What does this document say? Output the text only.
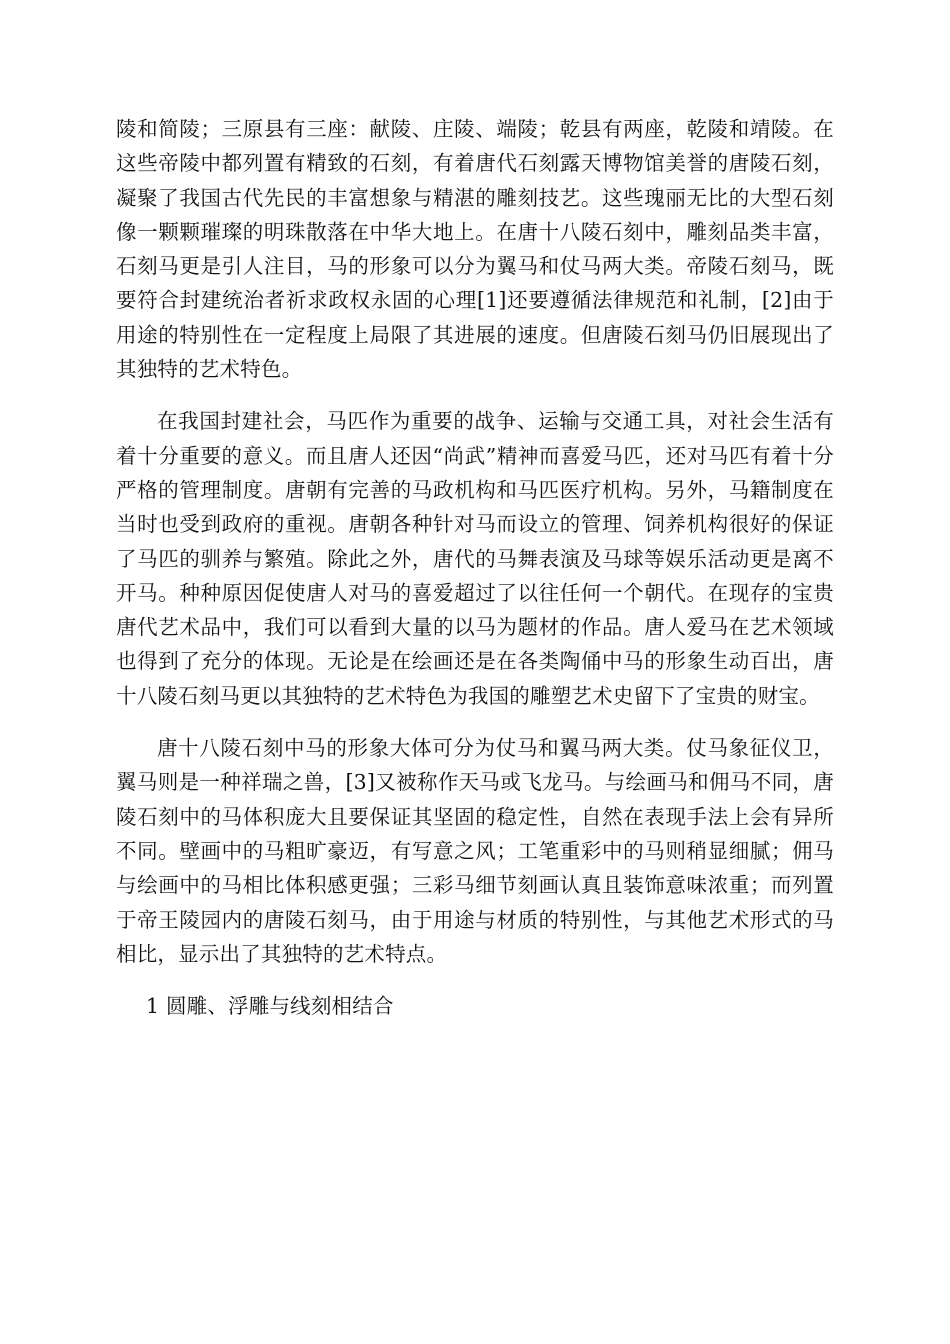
陵和简陵；三原县有三座：献陵、庄陵、端陵；乾县有两座，乾陵和靖陵。在这些帝陵中都列置有精致的石刻，有着唐代石刻露天博物馆美誉的唐陵石刻，凝聚了我国古代先民的丰富想象与精湛的雕刻技艺。这些瑰丽无比的大型石刻像一颗颗璀璨的明珠散落在中华大地上。在唐十八陵石刻中，雕刻品类丰富，石刻马更是引人注目，马的形象可以分为翼马和仗马两大类。帝陵石刻马，既要符合封建统治者祈求政权永固的心理[1]还要遵循法律规范和礼制，[2]由于用途的特别性在一定程度上局限了其进展的速度。但唐陵石刻马仍旧展现出了其独特的艺术特色。

在我国封建社会，马匹作为重要的战争、运输与交通工具，对社会生活有着十分重要的意义。而且唐人还因“尚武”精神而喜爱马匹，还对马匹有着十分严格的管理制度。唐朝有完善的马政机构和马匹医疗机构。另外，马籍制度在当时也受到政府的重视。唐朝各种针对马而设立的管理、饲养机构很好的保证了马匹的驯养与繁殖。除此之外，唐代的马舞表演及马球等娱乐活动更是离不开马。种种原因促使唐人对马的喜爱超过了以往任何一个朝代。在现存的宝贵唐代艺术品中，我们可以看到大量的以马为题材的作品。唐人爱马在艺术领域也得到了充分的体现。无论是在绘画还是在各类陶俑中马的形象生动百出，唐十八陵石刻马更以其独特的艺术特色为我国的雕塑艺术史留下了宝贵的财宝。

唐十八陵石刻中马的形象大体可分为仗马和翼马两大类。仗马象征仪卫，翼马则是一种祥瑞之兽，[3]又被称作天马或飞龙马。与绘画马和佣马不同，唐陵石刻中的马体积庞大且要保证其坚固的稳定性，自然在表现手法上会有异所不同。壁画中的马粗旷豪迈，有写意之风；工笔重彩中的马则稍显细腻；佣马与绘画中的马相比体积感更强；三彩马细节刻画认真且装饰意味浓重；而列置于帝王陵园内的唐陵石刻马，由于用途与材质的特别性，与其他艺术形式的马相比，显示出了其独特的艺术特点。

1 圆雕、浮雕与线刻相结合
